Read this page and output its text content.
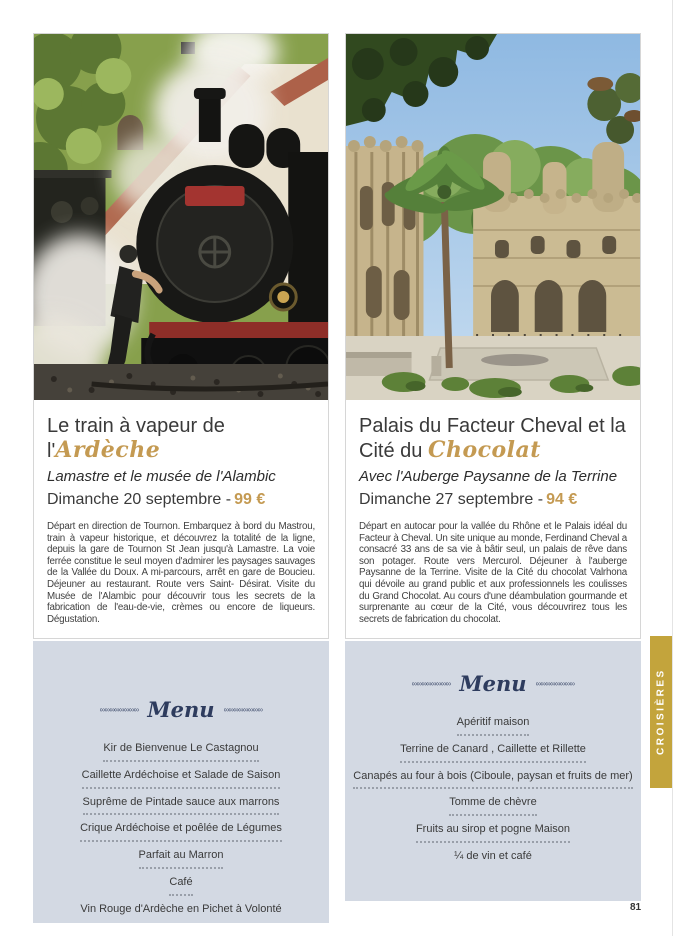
Le train à vapeur de l'Ardèche

Lamastre et le musée de l'Alambic

Dimanche 20 septembre - 99 €

Départ en direction de Tournon. Embarquez à bord du Mastrou, train à vapeur historique, et découvrez la totalité de la ligne, depuis la gare de Tournon St Jean jusqu'à Lamastre. La voie ferrée constitue le seul moyen d'admirer les paysages sauvages de la Vallée du Doux. A mi-parcours, arrêt en gare de Boucieu. Déjeuner au restaurant. Route vers Saint- Désirat. Visite du Musée de l'Alambic pour découvrir tous les secrets de la fabrication de l'eau-de-vie, crèmes ou encore de liqueurs. Dégustation.

∞∞∞∞∞∞∞∞ Menu ∞∞∞∞∞∞∞∞
Kir de Bienvenue Le Castagnou
Caillette Ardéchoise et Salade de Saison
Suprême de Pintade sauce aux marrons
Crique Ardéchoise et poêlée de Légumes
Parfait au Marron
Café
Vin Rouge d'Ardèche en Pichet à Volonté
Palais du Facteur Cheval et la Cité du Chocolat

Avec l'Auberge Paysanne de la Terrine

Dimanche 27 septembre - 94 €

Départ en autocar pour la vallée du Rhône et le Palais idéal du Facteur à Cheval. Un site unique au monde, Ferdinand Cheval a consacré 33 ans de sa vie à bâtir seul, un palais de rêve dans son potager. Route vers Mercurol. Déjeuner à l'auberge Paysanne de la Terrine. Visite de la Cité du chocolat Valrhona qui dévoile au grand public et aux professionnels les coulisses du Grand Chocolat. Au cours d'une déambulation gourmande et surprenante au cœur de la Cité, vous découvrirez tous les secrets de fabrication du chocolat.

∞∞∞∞∞∞∞∞ Menu ∞∞∞∞∞∞∞∞
Apéritif maison
Terrine de Canard , Caillette et Rillette
Canapés au four à bois (Ciboule, paysan et fruits de mer)
Tomme de chèvre
Fruits au sirop et pogne Maison
¼ de vin et café
CROISIÈRES
81
